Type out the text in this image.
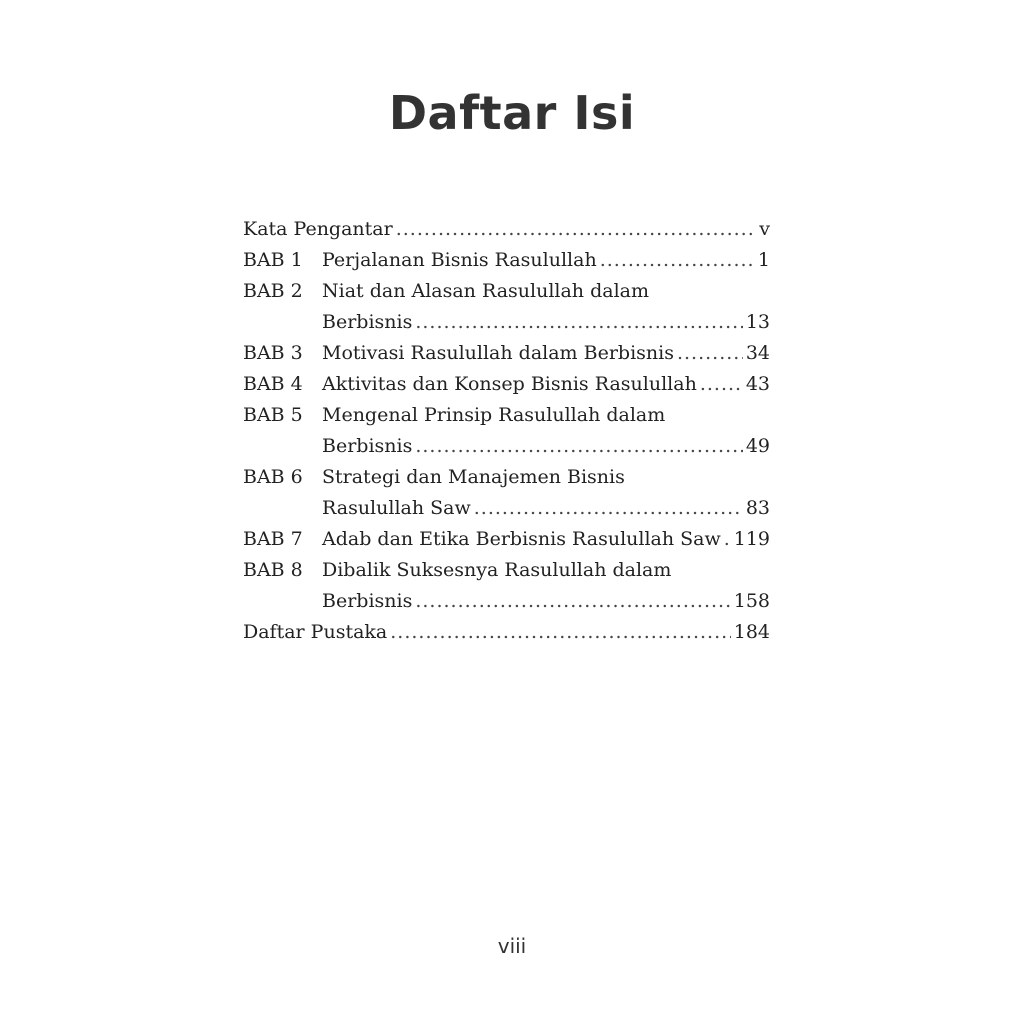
Daftar Isi
Kata Pengantar .....	v
BAB 1	Perjalanan Bisnis Rasulullah .....	1
BAB 2	Niat dan Alasan Rasulullah dalam
Berbisnis .....	13
BAB 3	Motivasi Rasulullah dalam Berbisnis .....	34
BAB 4	Aktivitas dan Konsep Bisnis Rasulullah .....	43
BAB 5	Mengenal Prinsip Rasulullah dalam
Berbisnis .....	49
BAB 6	Strategi dan Manajemen Bisnis
Rasulullah Saw .....	83
BAB 7	Adab dan Etika Berbisnis Rasulullah Saw ..... 119
BAB 8	Dibalik Suksesnya Rasulullah dalam
Berbisnis .....	158
Daftar Pustaka .....	184
viii
